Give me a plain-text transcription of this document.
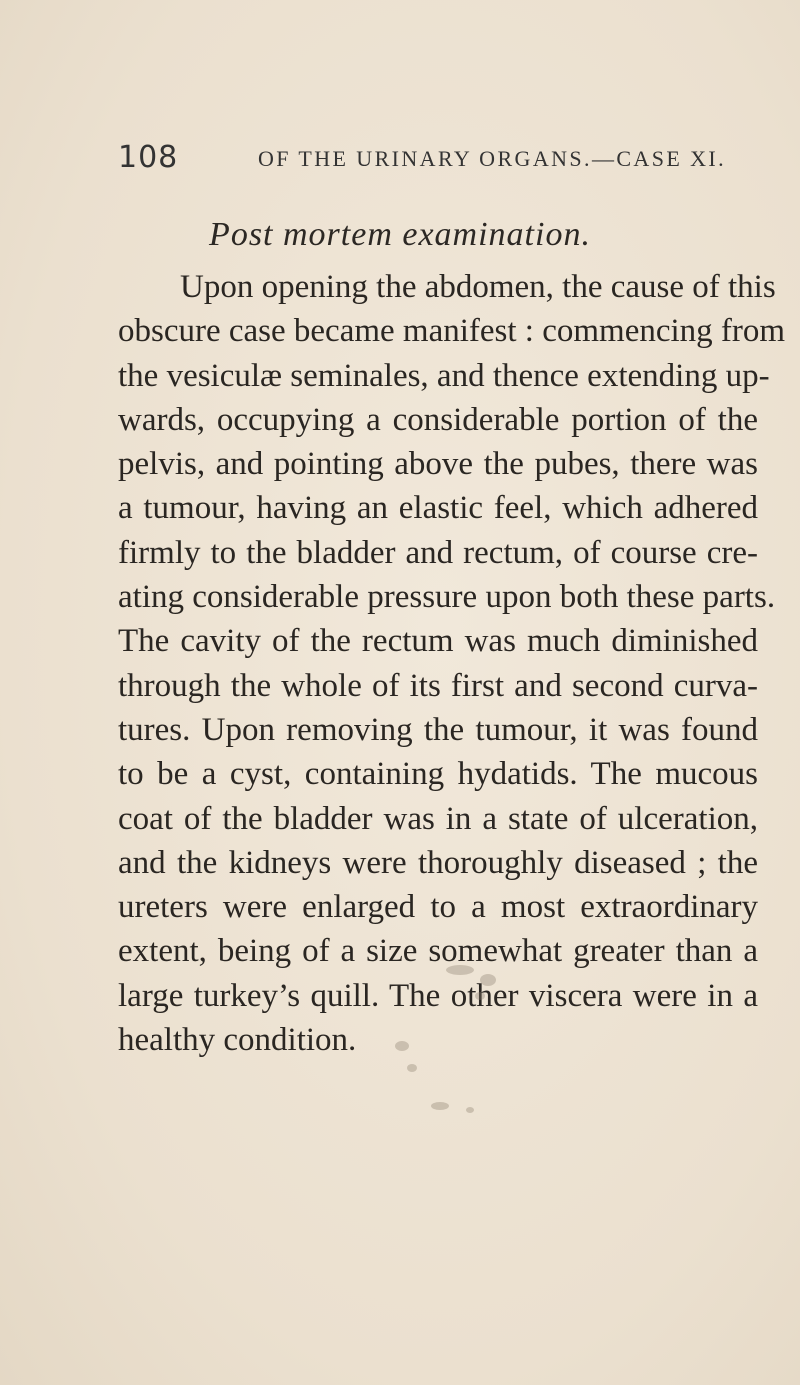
108	OF THE URINARY ORGANS.—CASE XI.
Post mortem examination.
Upon opening the abdomen, the cause of this
obscure case became manifest : commencing from
the vesiculæ seminales, and thence extending up-
wards, occupying a considerable portion of the
pelvis, and pointing above the pubes, there was
a tumour, having an elastic feel, which adhered
firmly to the bladder and rectum, of course cre-
ating considerable pressure upon both these parts.
The cavity of the rectum was much diminished
through the whole of its first and second curva-
tures. Upon removing the tumour, it was found
to be a cyst, containing hydatids. The mucous
coat of the bladder was in a state of ulceration,
and the kidneys were thoroughly diseased ; the
ureters were enlarged to a most extraordinary
extent, being of a size somewhat greater than a
large turkey’s quill. The other viscera were in a
healthy condition.
